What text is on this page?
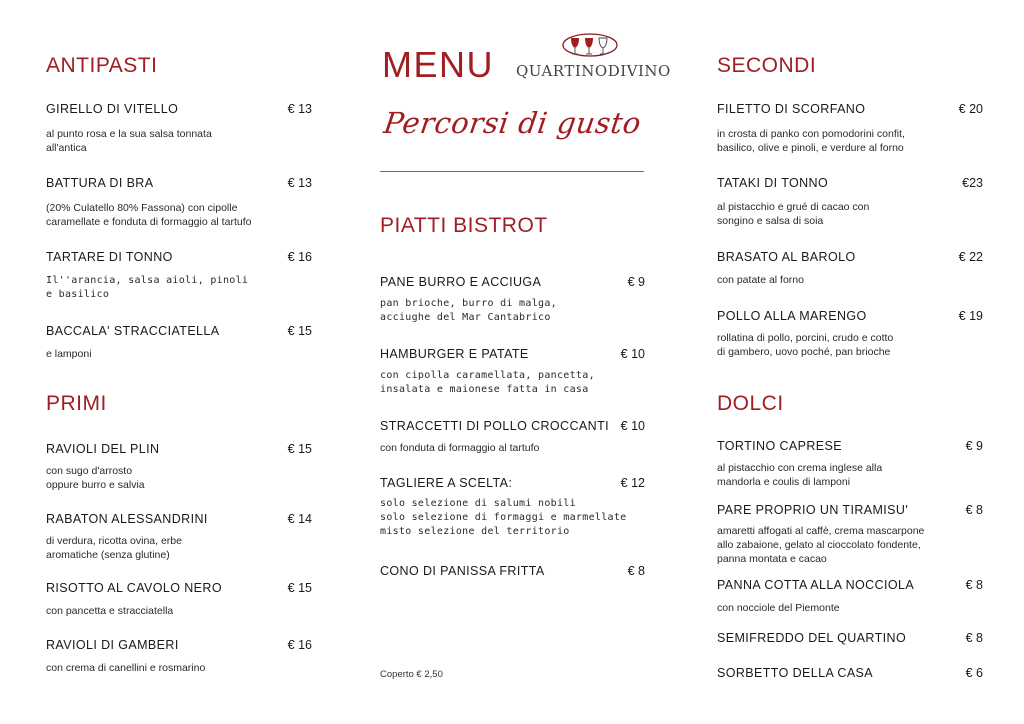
ANTIPASTI
GIRELLO DI VITELLO	€ 13
al punto rosa e la sua salsa tonnata
all'antica
BATTURA DI BRA	€ 13
(20% Culatello 80% Fassona) con cipolle
caramellate e fonduta di formaggio al tartufo
TARTARE DI TONNO	€ 16
Il''arancia, salsa aioli, pinoli
e basilico
BACCALA' STRACCIATELLA	€ 15
e lamponi
PRIMI
RAVIOLI DEL PLIN	€ 15
con sugo d'arrosto
oppure burro e salvia
RABATON ALESSANDRINI	€ 14
di verdura, ricotta ovina, erbe
aromatiche (senza glutine)
RISOTTO AL CAVOLO NERO	€ 15
con pancetta e stracciatella
RAVIOLI DI GAMBERI	€ 16
con crema di canellini e rosmarino
MENU QUARTINODIVINO
Percorsi di gusto
PIATTI BISTROT
PANE BURRO E ACCIUGA	€ 9
pan brioche, burro di malga,
acciughe del Mar Cantabrico
HAMBURGER E PATATE	€ 10
con cipolla caramellata, pancetta,
insalata e maionese fatta in casa
STRACCETTI DI POLLO CROCCANTI € 10
con fonduta di formaggio al tartufo
TAGLIERE A SCELTA:	€ 12
solo selezione di salumi nobili
solo selezione di formaggi e marmellate
misto selezione del territorio
CONO DI PANISSA FRITTA	€ 8
Coperto € 2,50
SECONDI
FILETTO DI SCORFANO	€ 20
in crosta di panko con pomodorini confit,
basilico, olive e pinoli, e verdure al forno
TATAKI DI TONNO	€23
al pistacchio e grué di cacao con
songino e salsa di soia
BRASATO AL BAROLO	€ 22
con patate al forno
POLLO ALLA MARENGO	€ 19
rollatina di pollo, porcini, crudo e cotto
di gambero, uovo poché, pan brioche
DOLCI
TORTINO CAPRESE	€ 9
al pistacchio con crema inglese alla
mandorla e coulis di lamponi
PARE PROPRIO UN TIRAMISU'	€ 8
amaretti affogati al caffè, crema mascarpone
allo zabaione, gelato al cioccolato fondente,
panna montata e cacao
PANNA COTTA ALLA NOCCIOLA	€ 8
con nocciole del Piemonte
SEMIFREDDO DEL QUARTINO	€ 8
SORBETTO DELLA CASA	€ 6
